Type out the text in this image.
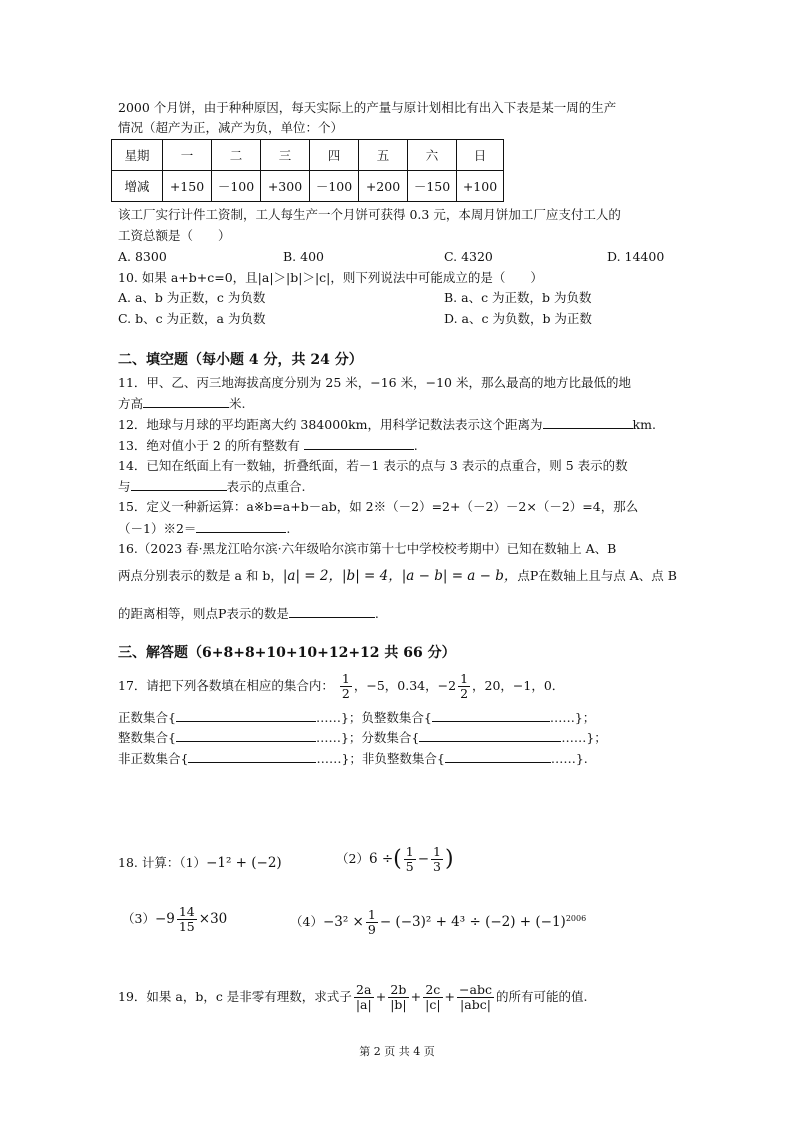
2000 个月饼，由于种种原因，每天实际上的产量与原计划相比有出入下表是某一周的生产
情况（超产为正，减产为负，单位：个）
星期	一	二	三	四	五	六	日
增减	+150	－100	+300	－100	+200	－150	+100
该工厂实行计件工资制，工人每生产一个月饼可获得 0.3 元，本周月饼加工厂应支付工人的
工资总额是（　　）
A. 8300	B. 400	C. 4320	D. 14400
10. 如果 a+b+c=0，且|a|＞|b|＞|c|，则下列说法中可能成立的是（　　）
A. a、b 为正数，c 为负数	B. a、c 为正数，b 为负数
C. b、c 为正数，a 为负数	D. a、c 为负数，b 为正数
二、填空题（每小题 4 分，共 24 分）
11．甲、乙、丙三地海拔高度分别为 25 米，−16 米，−10 米，那么最高的地方比最低的地
方高	米.
12．地球与月球的平均距离大约 384000km，用科学记数法表示这个距离为	km.
13．绝对值小于 2 的所有整数有	.
14．已知在纸面上有一数轴，折叠纸面，若－1 表示的点与 3 表示的点重合，则 5 表示的数
与	表示的点重合.
15．定义一种新运算：a※b=a+b－ab，如 2※（－2）=2+（－2）－2×（－2）=4，那么
（－1）※2＝	.
16.（2023 春·黑龙江哈尔滨·六年级哈尔滨市第十七中学校校考期中）已知在数轴上 A、B
两点分别表示的数是 a 和 b，|a| = 2，|b| = 4，|a − b| = a − b，点P在数轴上且与点 A、点 B
的距离相等，则点P表示的数是	.
三、解答题（6+8+8+10+10+12+12 共 66 分）
17．请把下列各数填在相应的集合内： $\frac{1}{2}$ ，−5，0.34，$-2 \frac{1}{2}$ ，20，−1，0．
正数集合{	……}；负整数集合{	……}；
整数集合{	……}；分数集合{	……}；
非正数集合{	……}；非负整数集合{	……}.
18. 计算：（1）−1² + (−2)	（2）6 ÷( $\frac{1}{5} - \frac{1}{3}$ )
$(3)-9 \frac{14}{15} \times 30$	$(4)-3^2 \times \frac{1}{9} - (-3)^2 + 4^3 \div (-2) + (-1)^{2006}$
19．如果 a，b，c 是非零有理数，求式子 $\frac{2a}{|a|} + \frac{2b}{|b|} + \frac{2c}{|c|} + \frac{\text{−abc}}{\text{|abc|}}$ 的所有可能的值.
第 2 页 共 4 页
